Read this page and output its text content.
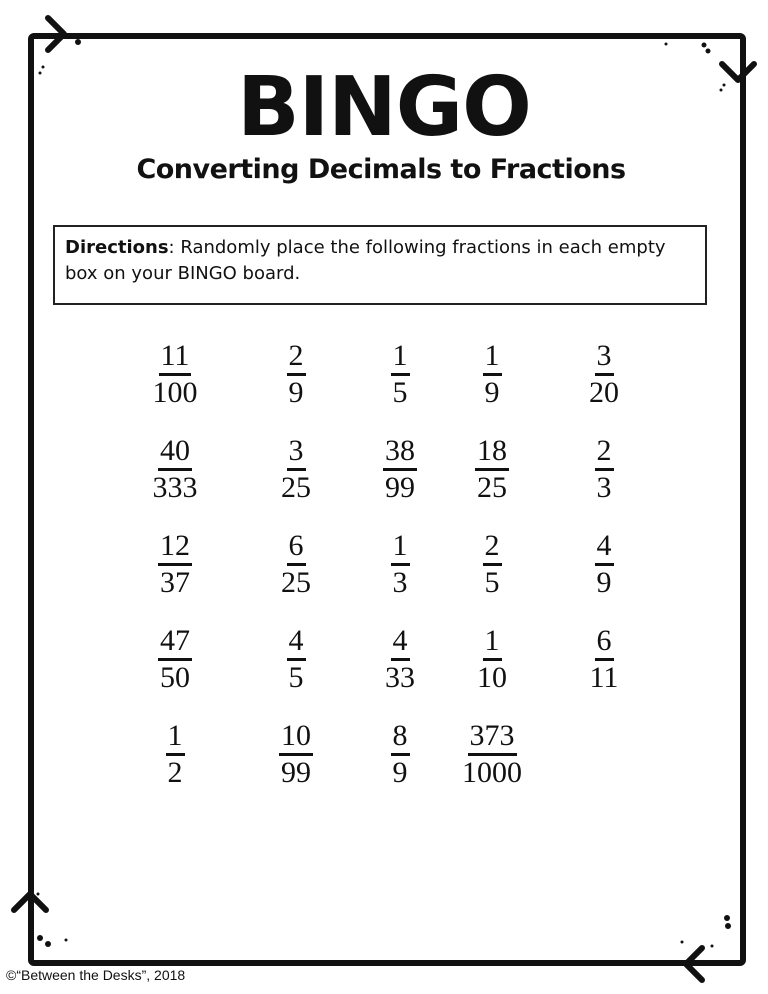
BINGO
Converting Decimals to Fractions
Directions: Randomly place the following fractions in each empty box on your BINGO board.
$\frac{11}{100} \frac{2}{9} \frac{1}{5} \frac{1}{9} \frac{3}{20}$
$\frac{40}{333} \frac{3}{25} \frac{38}{99} \frac{18}{25} \frac{2}{3}$
$\frac{12}{37} \frac{6}{25} \frac{1}{3} \frac{2}{5} \frac{4}{9}$
$\frac{47}{50} \frac{4}{5} \frac{4}{33} \frac{1}{10} \frac{6}{11}$
$\frac{1}{2} \frac{10}{99} \frac{8}{9} \frac{373}{1000}$
©“Between the Desks”, 2018
